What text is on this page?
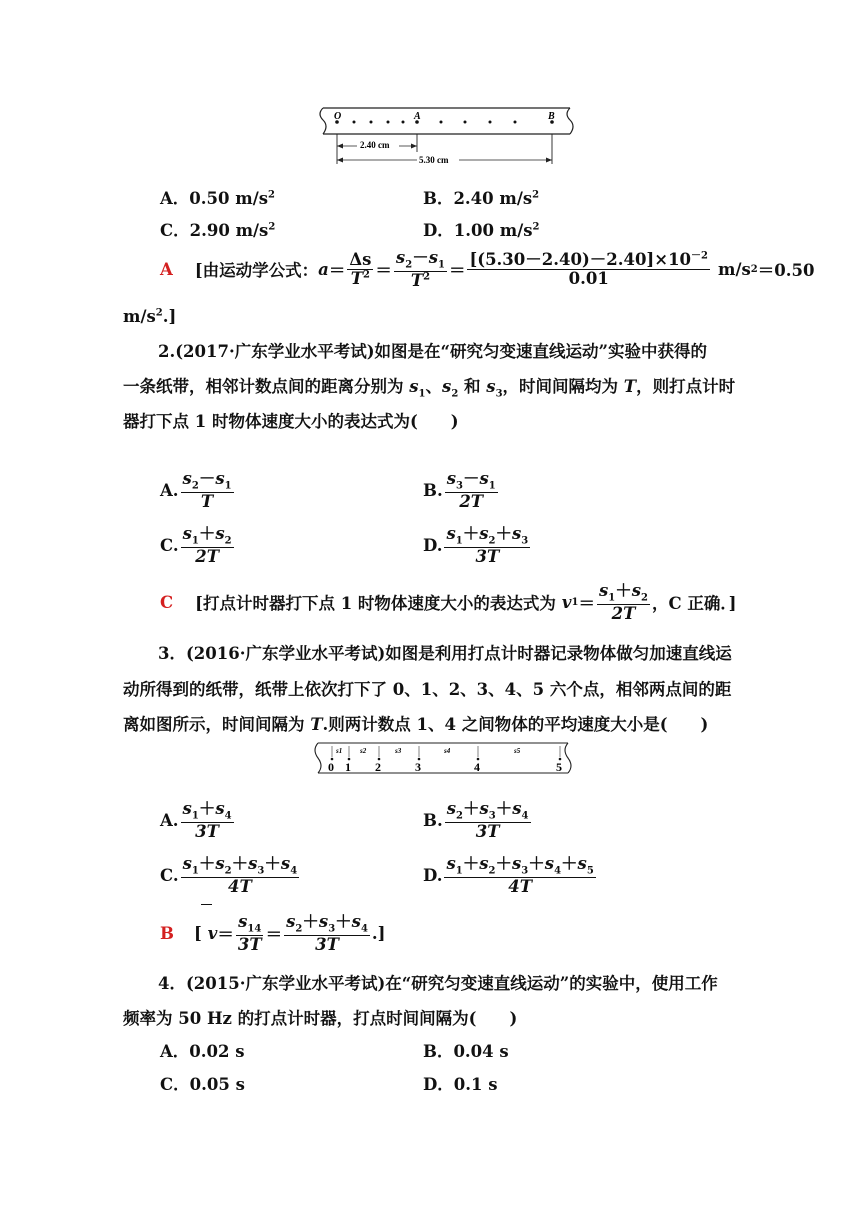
O	A	B
2.40 cm
5.30 cm
A．0.50 $m/s^2$	B．2.40 $m/s^2$
C．2.90 $m/s^2$	D．1.00 $m/s^2$
A [由运动学公式： $a = \frac{\Delta s}{T^2} = \frac{s_2-s_1}{T^2} = \frac{[(5.30-2.40)-2.40]\times 10^{-2}}{0.01} m/s$ 2 ＝0.50
$m/s^2$.]
2.(2017·广东学业水平考试)如图是在“研究匀变速直线运动”实验中获得的
一条纸带，相邻计数点间的距离分别为 $s_1$、$s_2$ 和 $s_3$，时间间隔均为 T，则打点计时
器打下点 1 时物体速度大小的表达式为(　　)
A. $\frac{s_2-s_1}{T}$	B. $\frac{s_3-s_1}{2T}$
C. $\frac{s_1+s_2}{2T}$	D. $\frac{s_1+s_2+s_3}{3T}$
C [打点计时器打下点 1 时物体速度大小的表达式为 v $1 = \frac{s_1+s_2}{2T}$ ，C 正确．]
3．(2016·广东学业水平考试)如图是利用打点计时器记录物体做匀加速直线运
动所得到的纸带，纸带上依次打下了 0、1、2、3、4、5 六个点，相邻两点间的距
离如图所示，时间间隔为 T.则两计数点 1、4 之间物体的平均速度大小是(　　)
s1	s2	s3	s4	s5
0 1 2	3	4	5
A. $\frac{s_1+s_4}{3T}$	B. $\frac{s_2+s_3+s_4}{3T}$
C. $\frac{s_1+s_2+s_3+s_4}{4T}$	D. $\frac{s_1+s_2+s_3+s_4+s_5}{4T}$
B [ $v = \frac{s_{14}}{3T} = \frac{s_2+s_3+s_4}{3T}$ .]
4．(2015·广东学业水平考试)在“研究匀变速直线运动”的实验中，使用工作
频率为 50 Hz 的打点计时器，打点时间间隔为(　　)
A．0.02 s	B．0.04 s
C．0.05 s	D．0.1 s
